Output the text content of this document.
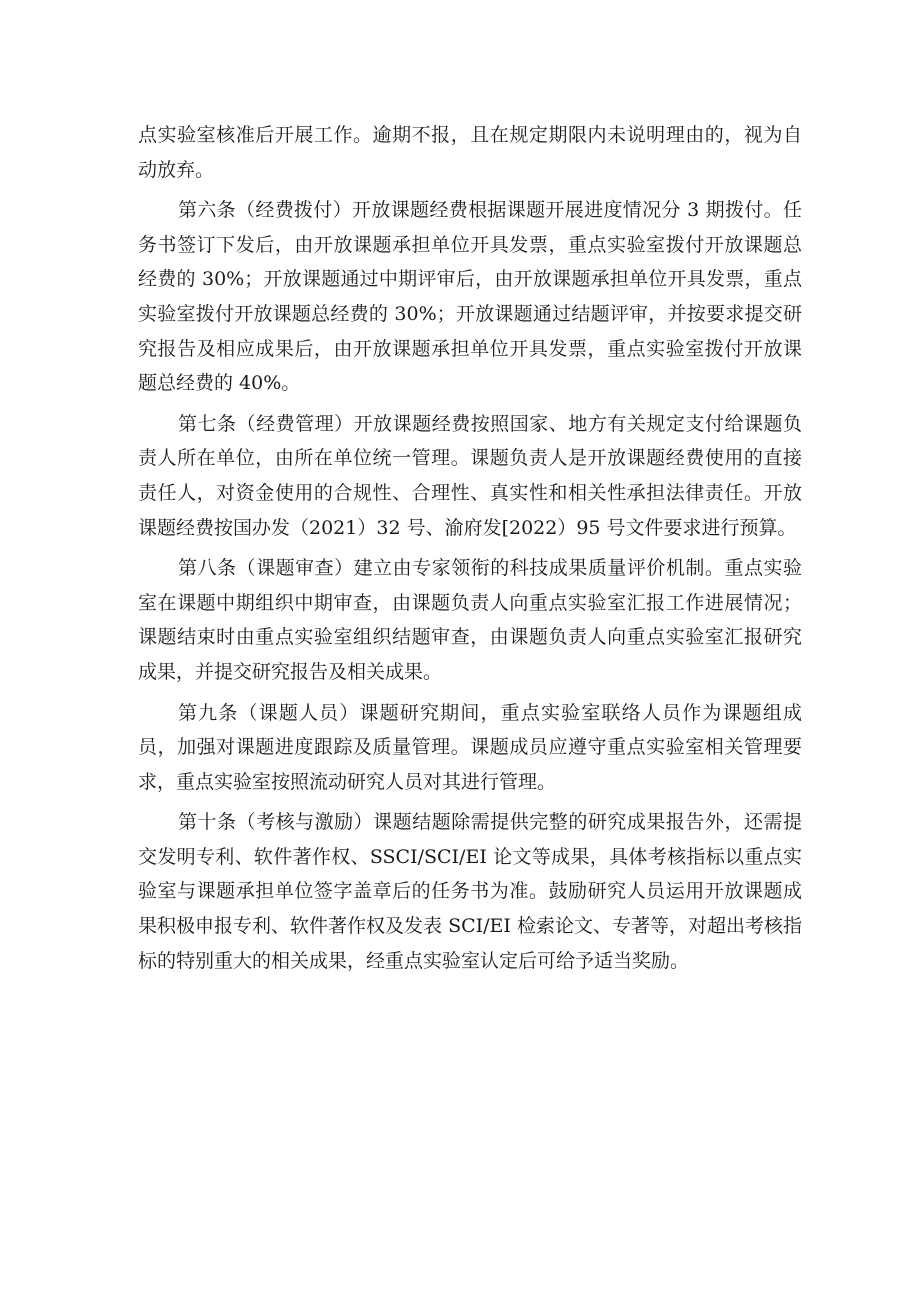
点实验室核准后开展工作。逾期不报，且在规定期限内未说明理由的，视为自动放弃。

第六条（经费拨付）开放课题经费根据课题开展进度情况分 3 期拨付。任务书签订下发后，由开放课题承担单位开具发票，重点实验室拨付开放课题总经费的 30%；开放课题通过中期评审后，由开放课题承担单位开具发票，重点实验室拨付开放课题总经费的 30%；开放课题通过结题评审，并按要求提交研究报告及相应成果后，由开放课题承担单位开具发票，重点实验室拨付开放课题总经费的 40%。

第七条（经费管理）开放课题经费按照国家、地方有关规定支付给课题负责人所在单位，由所在单位统一管理。课题负责人是开放课题经费使用的直接责任人，对资金使用的合规性、合理性、真实性和相关性承担法律责任。开放课题经费按国办发（2021）32 号、渝府发[2022）95 号文件要求进行预算。

第八条（课题审查）建立由专家领衔的科技成果质量评价机制。重点实验室在课题中期组织中期审查，由课题负责人向重点实验室汇报工作进展情况；课题结束时由重点实验室组织结题审查，由课题负责人向重点实验室汇报研究成果，并提交研究报告及相关成果。

第九条（课题人员）课题研究期间，重点实验室联络人员作为课题组成员，加强对课题进度跟踪及质量管理。课题成员应遵守重点实验室相关管理要求，重点实验室按照流动研究人员对其进行管理。

第十条（考核与激励）课题结题除需提供完整的研究成果报告外，还需提交发明专利、软件著作权、SSCI/SCI/EI 论文等成果，具体考核指标以重点实验室与课题承担单位签字盖章后的任务书为准。鼓励研究人员运用开放课题成果积极申报专利、软件著作权及发表 SCI/EI 检索论文、专著等，对超出考核指标的特别重大的相关成果，经重点实验室认定后可给予适当奖励。
